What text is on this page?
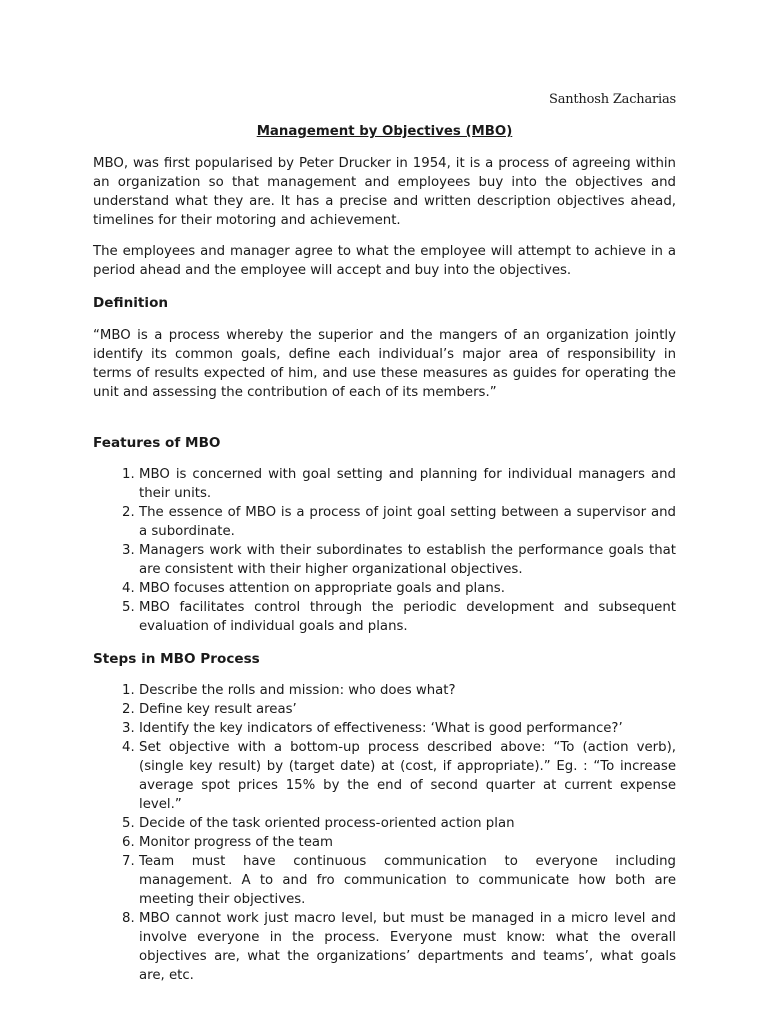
Santhosh Zacharias
Management by Objectives (MBO)

MBO, was first popularised by Peter Drucker in 1954, it is a process of agreeing within an organization so that management and employees buy into the objectives and understand what they are. It has a precise and written description objectives ahead, timelines for their motoring and achievement.

The employees and manager agree to what the employee will attempt to achieve in a period ahead and the employee will accept and buy into the objectives.

Definition

“MBO is a process whereby the superior and the mangers of an organization jointly identify its common goals, define each individual’s major area of responsibility in terms of results expected of him, and use these measures as guides for operating the unit and assessing the contribution of each of its members.”

Features of MBO
1. MBO is concerned with goal setting and planning for individual managers and their units.
2. The essence of MBO is a process of joint goal setting between a supervisor and a subordinate.
3. Managers work with their subordinates to establish the performance goals that are consistent with their higher organizational objectives.
4. MBO focuses attention on appropriate goals and plans.
5. MBO facilitates control through the periodic development and subsequent evaluation of individual goals and plans.
Steps in MBO Process
1. Describe the rolls and mission: who does what?
2. Define key result areas’
3. Identify the key indicators of effectiveness: ‘What is good performance?’
4. Set objective with a bottom-up process described above: “To (action verb), (single key result) by (target date) at (cost, if appropriate).” Eg. : “To increase average spot prices 15% by the end of second quarter at current expense level.”
5. Decide of the task oriented process-oriented action plan
6. Monitor progress of the team
7. Team must have continuous communication to everyone including management. A to and fro communication to communicate how both are meeting their objectives.
8. MBO cannot work just macro level, but must be managed in a micro level and involve everyone in the process. Everyone must know: what the overall objectives are, what the organizations’ departments and teams’, what goals are, etc.
